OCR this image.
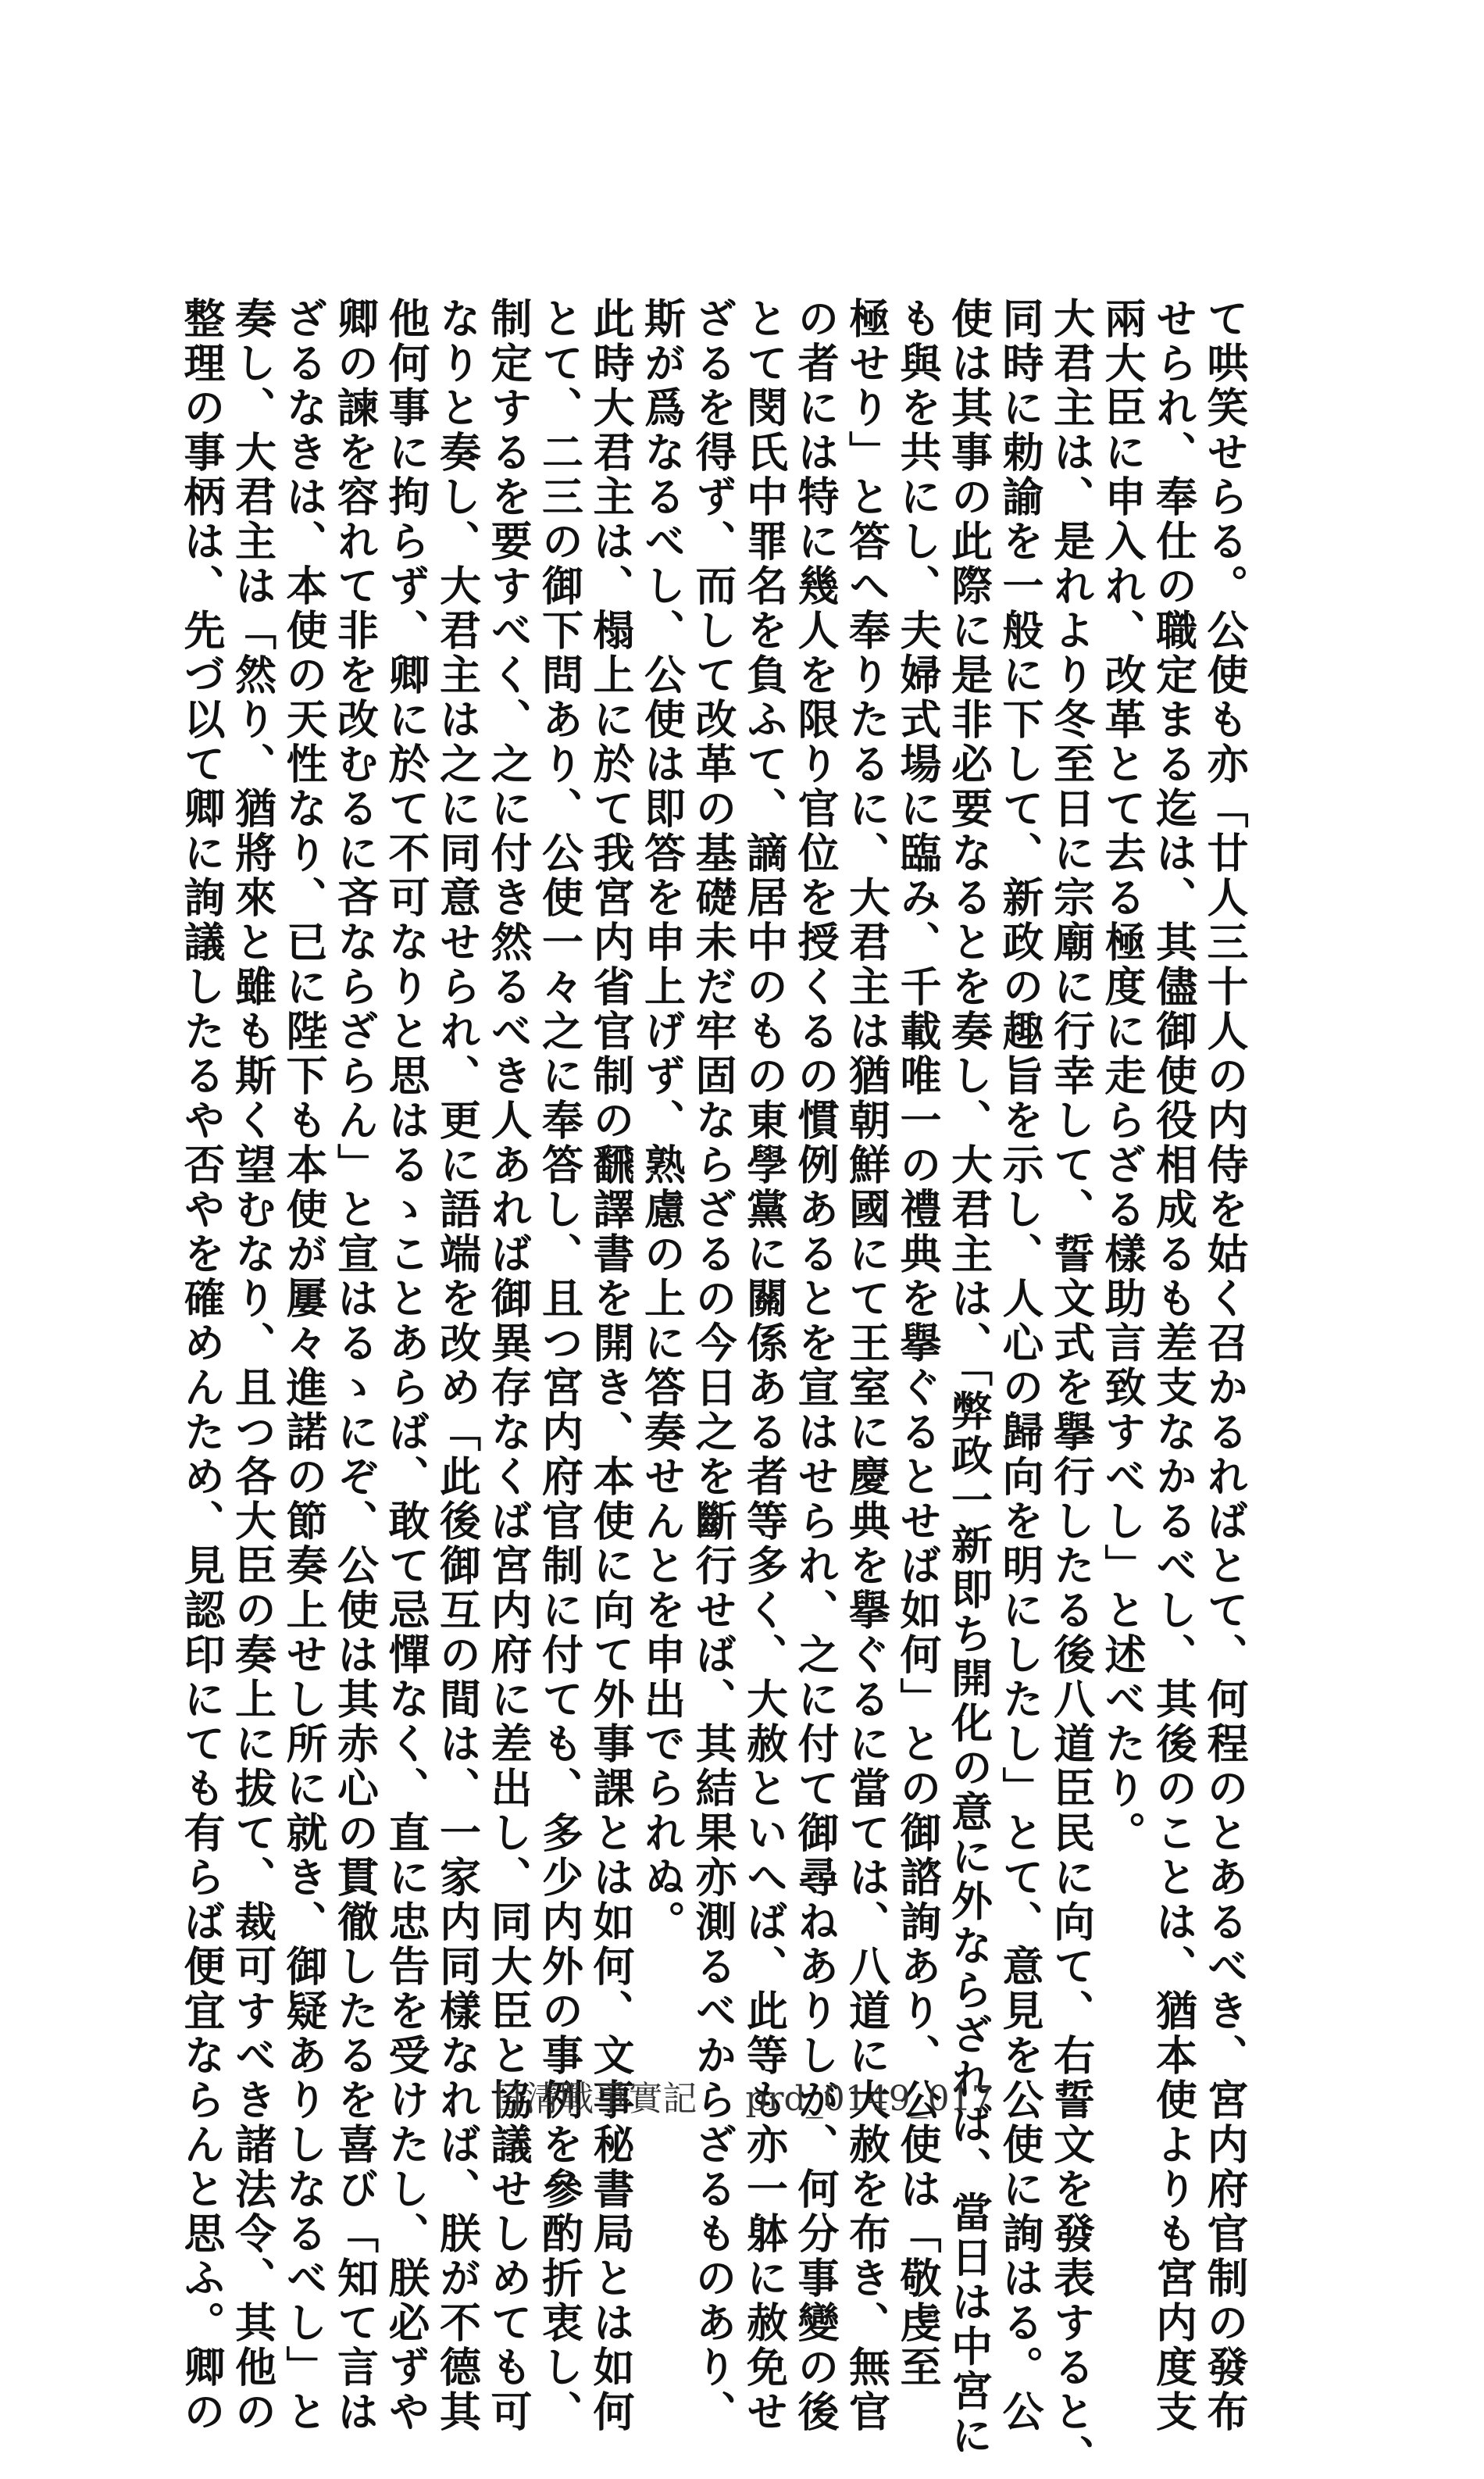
て哄笑せらる。公使も亦「廿人三十人の内侍を姑く召かるればとて、何程のとあるべき、宮内府官制の發布
せられ、奉仕の職定まる迄は、其儘御使役相成るも差支なかるべし、其後のことは、猶本使よりも宮内度支
兩大臣に申入れ、改革とて去る極度に走らざる樣助言致すべし」と述べたり。
大君主は、是れより冬至日に宗廟に行幸して、誓文式を擧行したる後八道臣民に向て、右誓文を發表すると、
同時に勅諭を一般に下して、新政の趣旨を示し、人心の歸向を明にしたし」とて、意見を公使に詢はる。公
使は其事の此際に是非必要なるとを奏し、大君主は、「弊政一新即ち開化の意に外ならざれば、當日は中宮に
も與を共にし、夫婦式場に臨み、千載唯一の禮典を擧ぐるとせば如何」との御諮詢あり、公使は「敬虔至
極せり」と答へ奉りたるに、大君主は猶朝鮮國にて王室に慶典を擧ぐるに當ては、八道に大赦を布き、無官
の者には特に幾人を限り官位を授くるの慣例あるとを宣はせられ、之に付て御尋ねありしが、何分事變の後
とて閔氏中罪名を負ふて、謫居中のもの東學黨に關係ある者等多く、大赦といへば、此等も亦一躰に赦免せ
ざるを得ず、而して改革の基礎未だ牢固ならざるの今日之を斷行せば、其結果亦測るべからざるものあり、
斯が爲なるべし、公使は即答を申上げず、熟慮の上に答奏せんとを申出でられぬ。
此時大君主は、榻上に於て我宮内省官制の飜譯書を開き、本使に向て外事課とは如何、文事秘書局とは如何
とて、二三の御下問あり、公使一々之に奉答し、且つ宮内府官制に付ても、多少内外の事例を參酌折衷し、
制定するを要すべく、之に付き然るべき人あれば御異存なくば宮内府に差出し、同大臣と協議せしめても可
なりと奏し、大君主は之に同意せられ、更に語端を改め「此後御互の間は、一家内同樣なれば、朕が不德其
他何事に拘らず、卿に於て不可なりと思はるゝことあらば、敢て忌憚なく、直に忠告を受けたし、朕必ずや
卿の諫を容れて非を改むるに吝ならざらん」と宣はるゝにぞ、公使は其赤心の貫徹したるを喜び「知て言は
ざるなきは、本使の天性なり、已に陛下も本使が屢々進諾の節奏上せし所に就き、御疑ありしなるべし」と
奏し、大君主は「然り、猶將來と雖も斯く望むなり、且つ各大臣の奏上に拔て、裁可すべき諸法令、其他の
整理の事柄は、先づ以て卿に詢議したるや否やを確めんため、見認印にても有らば便宜ならんと思ふ。卿の	日清戰爭實記 prd_0149_017
